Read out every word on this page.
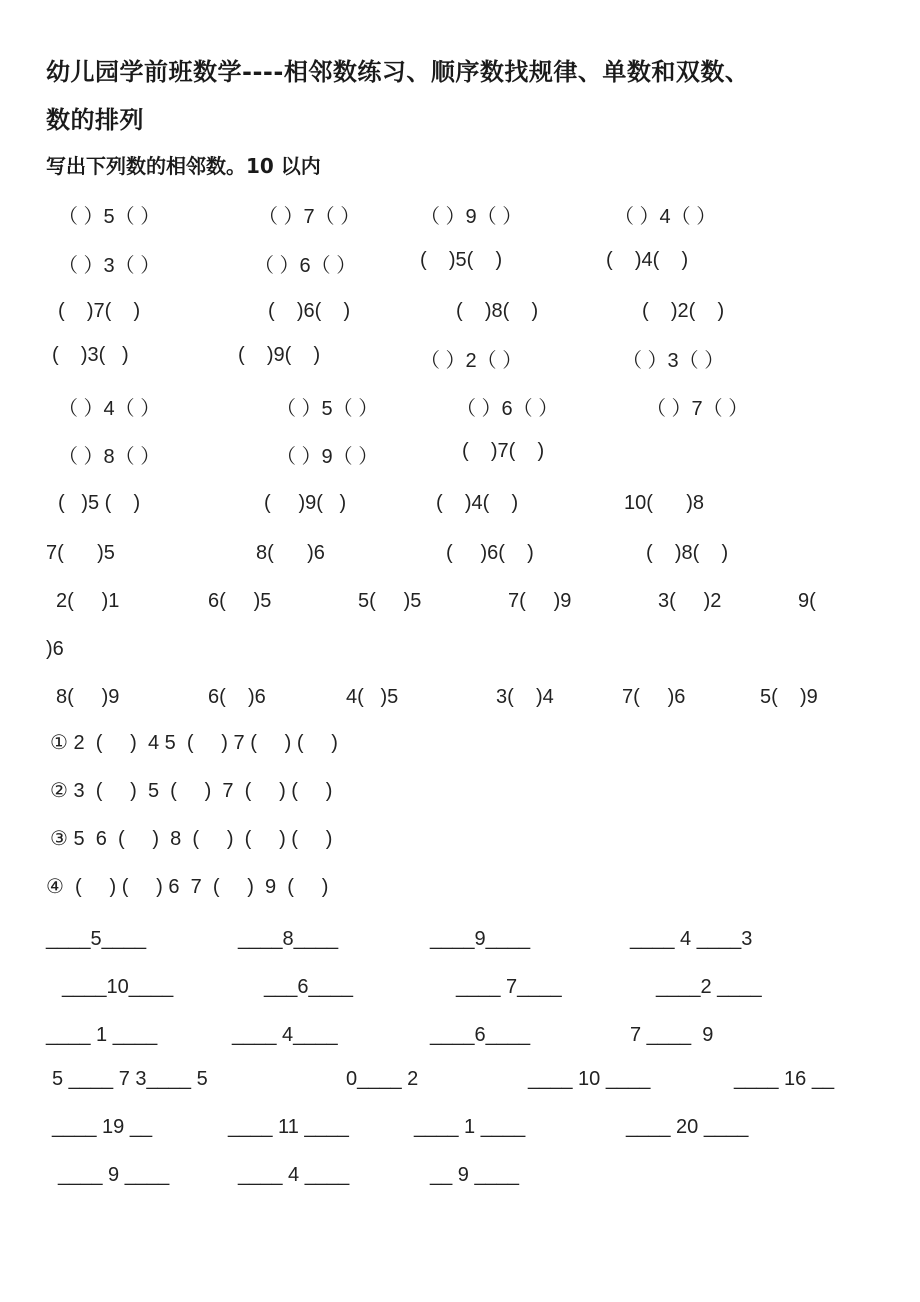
幼儿园学前班数学----相邻数练习、顺序数找规律、单数和双数、
数的排列
写出下列数的相邻数。10 以内
（ ）5（ ）	（ ）7（ ）	（ ）9（ ）	（ ）4（ ）
（ ）3（ ）	（ ）6（ ）	(    )5(    )	(    )4(    )
(    )7(    )	(    )6(    )	(    )8(    )	(    )2(    )
(    )3(   )	(    )9(    )	（ ）2（ ）	（ ）3（ ）
（ ）4（ ）	（ ）5（ ）	（ ）6（ ）	（ ）7（ ）
（ ）8（ ）	（ ）9（ ）	(    )7(    )
(   )5 (    )	(     )9(   )	(    )4(    )	10(      )8
7(      )5	8(      )6	(     )6(    )	(    )8(    )
2(     )1	6(     )5	5(     )5	7(     )9	3(     )2	9(
)6
8(     )9	6(    )6	4(   )5	3(    )4	7(     )6	5(    )9
① 2  (     )  4 5  (     ) 7 (     ) (     )
② 3  (     )  5  (     )  7  (     ) (     )
③ 5  6  (     )  8  (     )  (     ) (     )
④  (     ) (     ) 6  7  (     )  9  (     )
____5____	____8____	____9____	____ 4 ____3
____10____	___6____	____ 7____	____2 ____
____ 1 ____	____ 4____	____6____	7 ____  9
5 ____ 7 3____ 5	0____ 2	____ 10 ____	____ 16 __
____ 19 __	____ 11 ____	____ 1 ____	____ 20 ____
____ 9 ____	____ 4 ____	__ 9 ____
